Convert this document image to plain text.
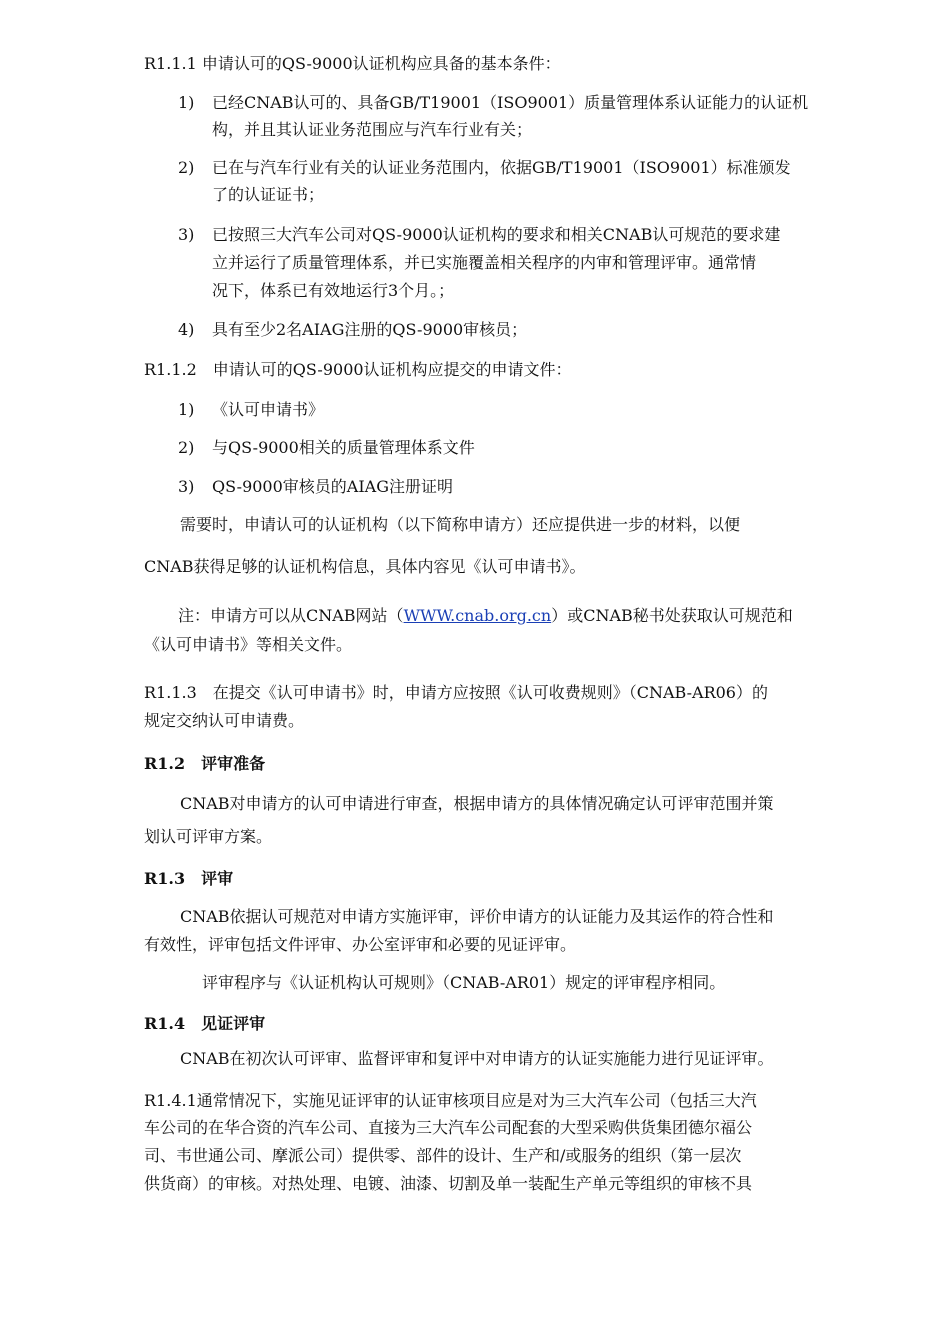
R1.1.1 申请认可的QS-9000认证机构应具备的基本条件：
1) 已经CNAB认可的、具备GB/T19001（ISO9001）质量管理体系认证能力的认证机
构，并且其认证业务范围应与汽车行业有关；
2) 已在与汽车行业有关的认证业务范围内，依据GB/T19001（ISO9001）标准颁发
了的认证证书；
3) 已按照三大汽车公司对QS-9000认证机构的要求和相关CNAB认可规范的要求建
立并运行了质量管理体系，并已实施覆盖相关程序的内审和管理评审。通常情
况下，体系已有效地运行3个月。；
4) 具有至少2名AIAG注册的QS-9000审核员；
R1.1.2　申请认可的QS-9000认证机构应提交的申请文件：
1) 《认可申请书》
2) 与QS-9000相关的质量管理体系文件
3) QS-9000审核员的AIAG注册证明
需要时，申请认可的认证机构（以下简称申请方）还应提供进一步的材料，以便
CNAB获得足够的认证机构信息，具体内容见《认可申请书》。
注：申请方可以从CNAB网站（WWW.cnab.org.cn）或CNAB秘书处获取认可规范和
《认可申请书》等相关文件。
R1.1.3　在提交《认可申请书》时，申请方应按照《认可收费规则》（CNAB-AR06）的
规定交纳认可申请费。
R1.2　评审准备
CNAB对申请方的认可申请进行审查，根据申请方的具体情况确定认可评审范围并策
划认可评审方案。
R1.3　评审
CNAB依据认可规范对申请方实施评审，评价申请方的认证能力及其运作的符合性和
有效性，评审包括文件评审、办公室评审和必要的见证评审。
评审程序与《认证机构认可规则》（CNAB-AR01）规定的评审程序相同。
R1.4　见证评审
CNAB在初次认可评审、监督评审和复评中对申请方的认证实施能力进行见证评审。
R1.4.1通常情况下，实施见证评审的认证审核项目应是对为三大汽车公司（包括三大汽
车公司的在华合资的汽车公司、直接为三大汽车公司配套的大型采购供货集团德尔福公
司、韦世通公司、摩派公司）提供零、部件的设计、生产和/或服务的组织（第一层次
供货商）的审核。对热处理、电镀、油漆、切割及单一装配生产单元等组织的审核不具
